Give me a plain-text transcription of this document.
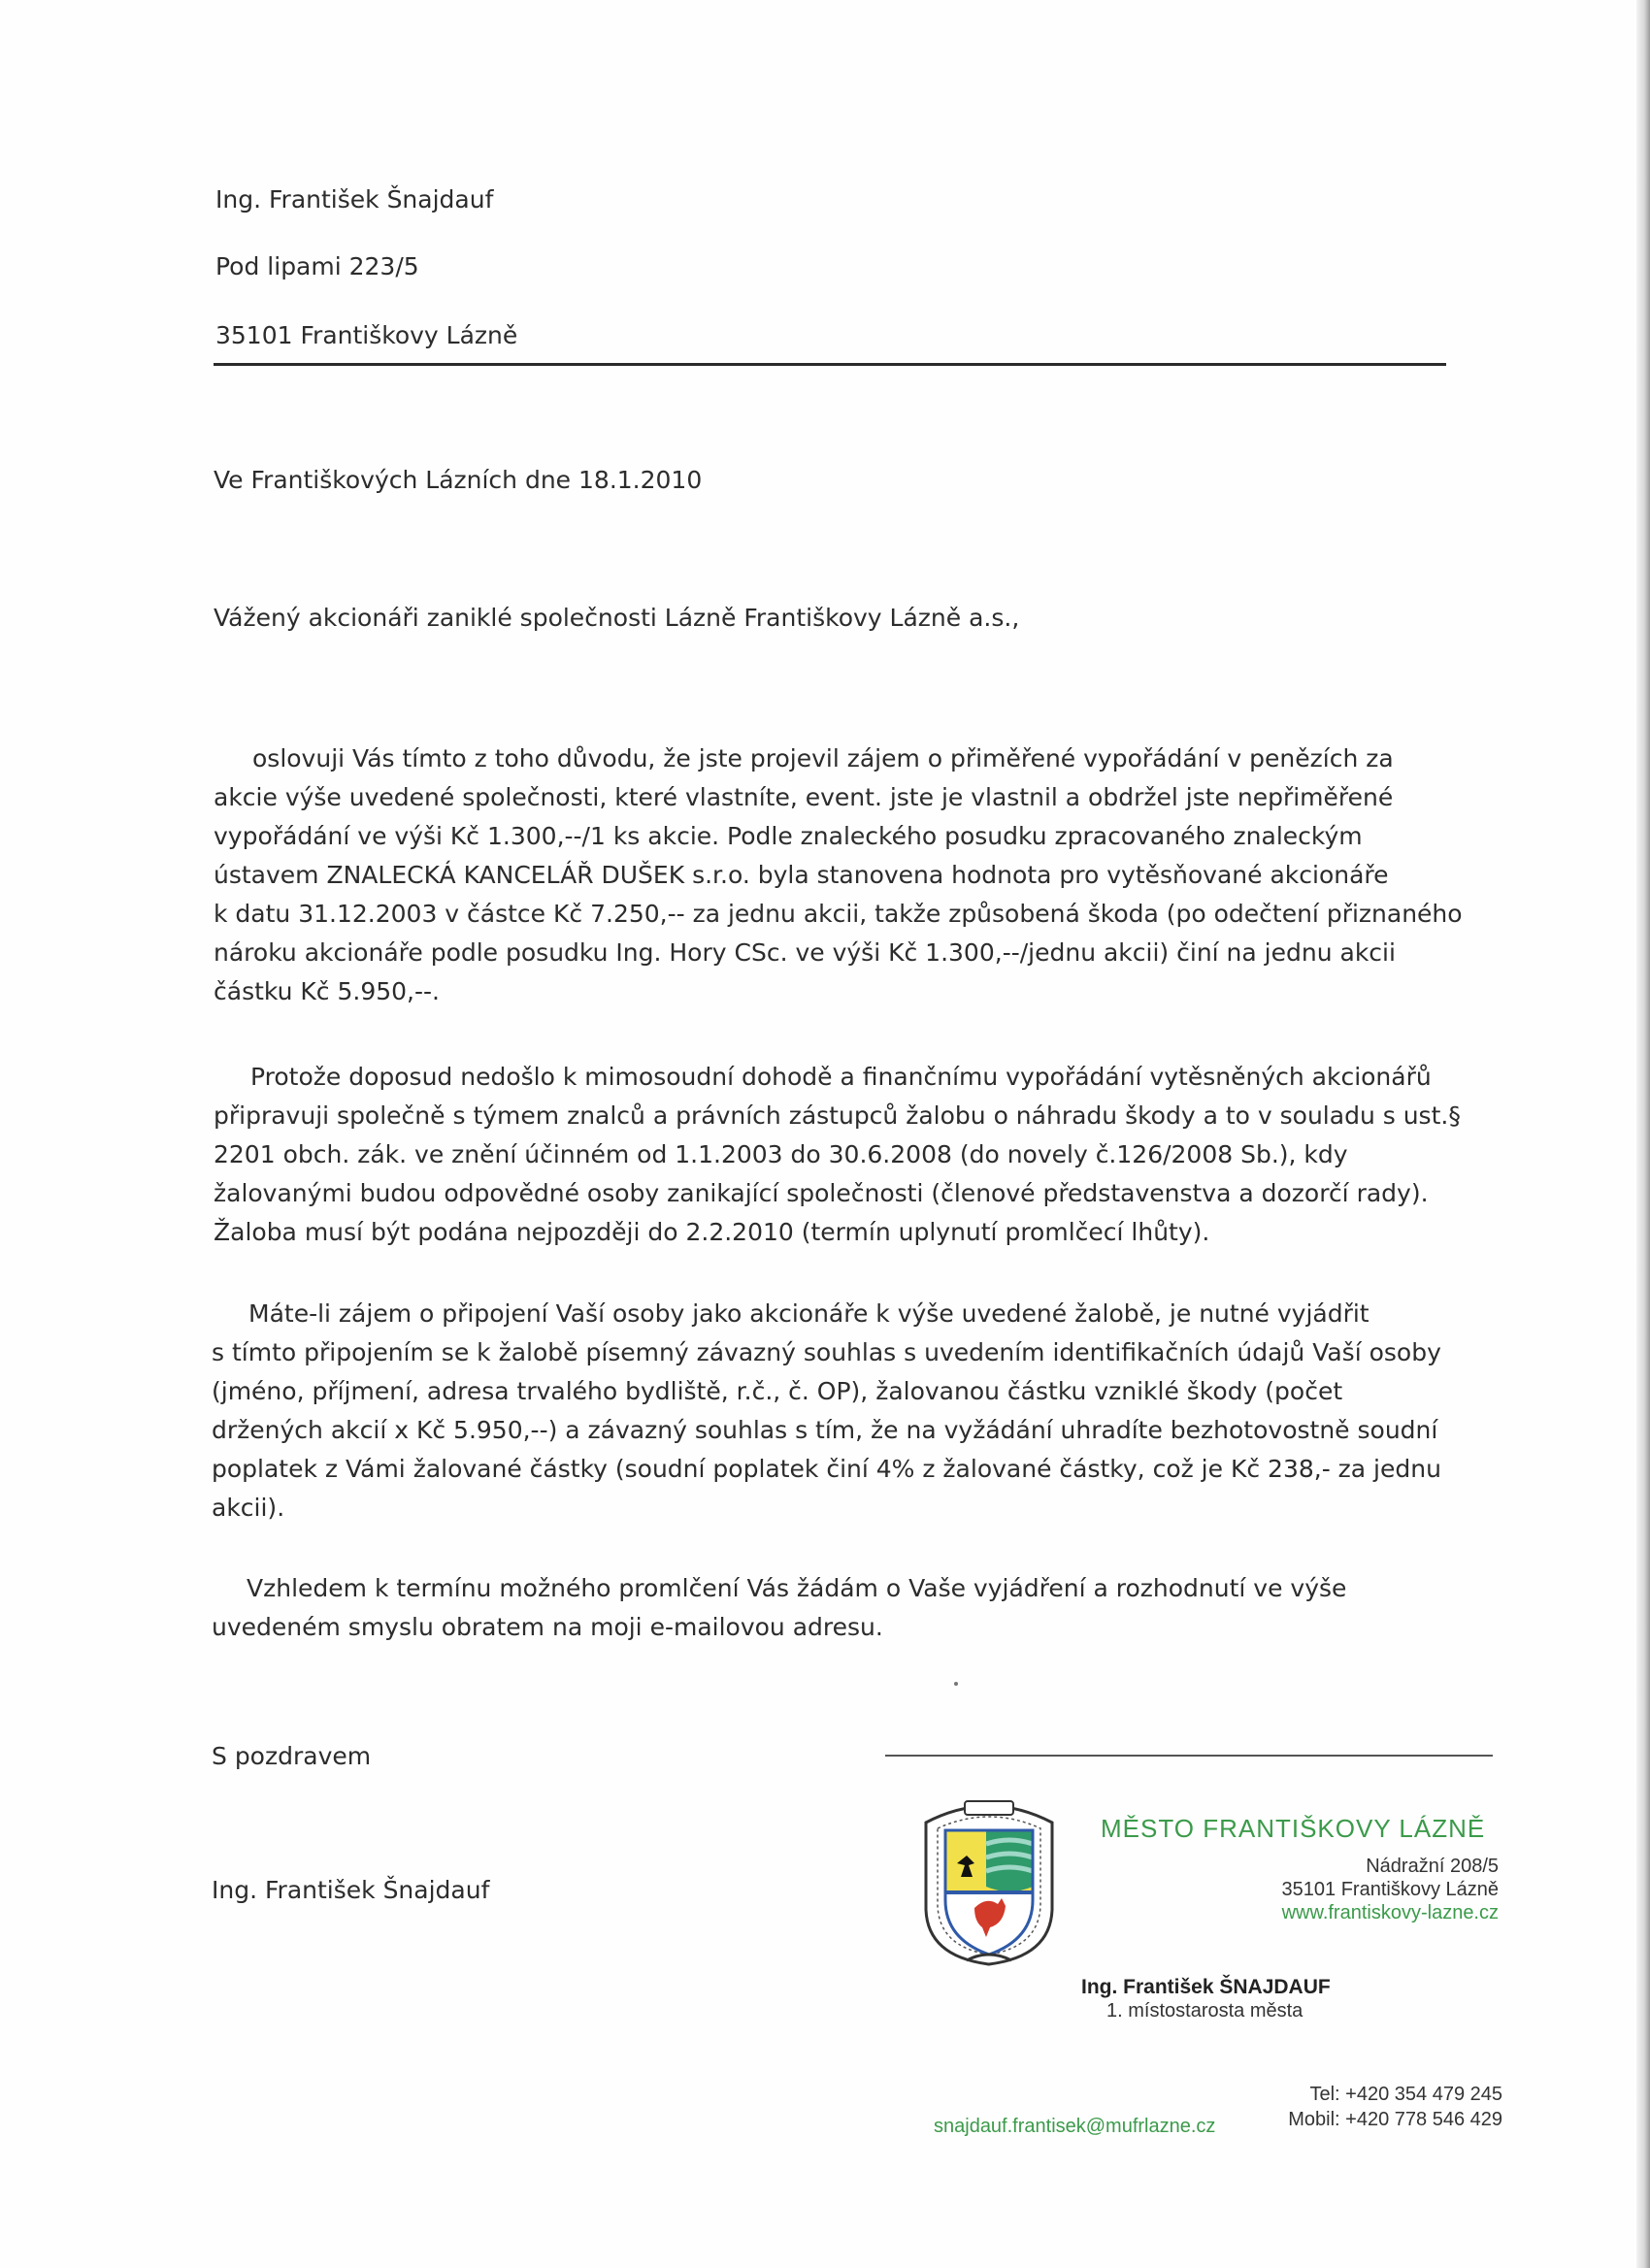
Ing. František Šnajdauf
Pod lipami 223/5
35101 Františkovy Lázně
Ve Františkových Lázních dne 18.1.2010
Vážený akcionáři zaniklé společnosti Lázně Františkovy Lázně a.s.,
oslovuji Vás tímto z toho důvodu, že jste projevil zájem o přiměřené vypořádání v penězích za
akcie výše uvedené společnosti, které vlastníte, event. jste je vlastnil a obdržel jste nepřiměřené
vypořádání ve výši Kč 1.300,--/1 ks akcie. Podle znaleckého posudku zpracovaného znaleckým
ústavem ZNALECKÁ KANCELÁŘ DUŠEK s.r.o. byla stanovena hodnota pro vytěsňované akcionáře
k datu 31.12.2003 v částce Kč 7.250,-- za jednu akcii, takže způsobená škoda (po odečtení přiznaného
nároku akcionáře podle posudku Ing. Hory CSc. ve výši Kč 1.300,--/jednu akcii) činí na jednu akcii
částku Kč 5.950,--.
Protože doposud nedošlo k mimosoudní dohodě a finančnímu vypořádání vytěsněných akcionářů
připravuji společně s týmem znalců a právních zástupců žalobu o náhradu škody a to v souladu s ust.§
2201 obch. zák. ve znění účinném od 1.1.2003 do 30.6.2008 (do novely č.126/2008 Sb.), kdy
žalovanými budou odpovědné osoby zanikající společnosti (členové představenstva a dozorčí rady).
Žaloba musí být podána nejpozději do 2.2.2010 (termín uplynutí promlčecí lhůty).
Máte-li zájem o připojení Vaší osoby jako akcionáře k výše uvedené žalobě, je nutné vyjádřit
s tímto připojením se k žalobě písemný závazný souhlas s uvedením identifikačních údajů Vaší osoby
(jméno, příjmení, adresa trvalého bydliště, r.č., č. OP), žalovanou částku vzniklé škody (počet
držených akcií x Kč 5.950,--) a závazný souhlas s tím, že na vyžádání uhradíte bezhotovostně soudní
poplatek z Vámi žalované částky (soudní poplatek činí 4% z žalované částky, což je Kč 238,- za jednu
akcii).
Vzhledem k termínu možného promlčení Vás žádám o Vaše vyjádření a rozhodnutí ve výše
uvedeném smyslu obratem na moji e-mailovou adresu.
S pozdravem
Ing. František Šnajdauf
MĚSTO FRANTIŠKOVY LÁZNĚ
Nádražní 208/5
35101 Františkovy Lázně
www.frantiskovy-lazne.cz
Ing. František ŠNAJDAUF
1. místostarosta města
Tel: +420 354 479 245
Mobil: +420 778 546 429
snajdauf.frantisek@mufrlazne.cz
